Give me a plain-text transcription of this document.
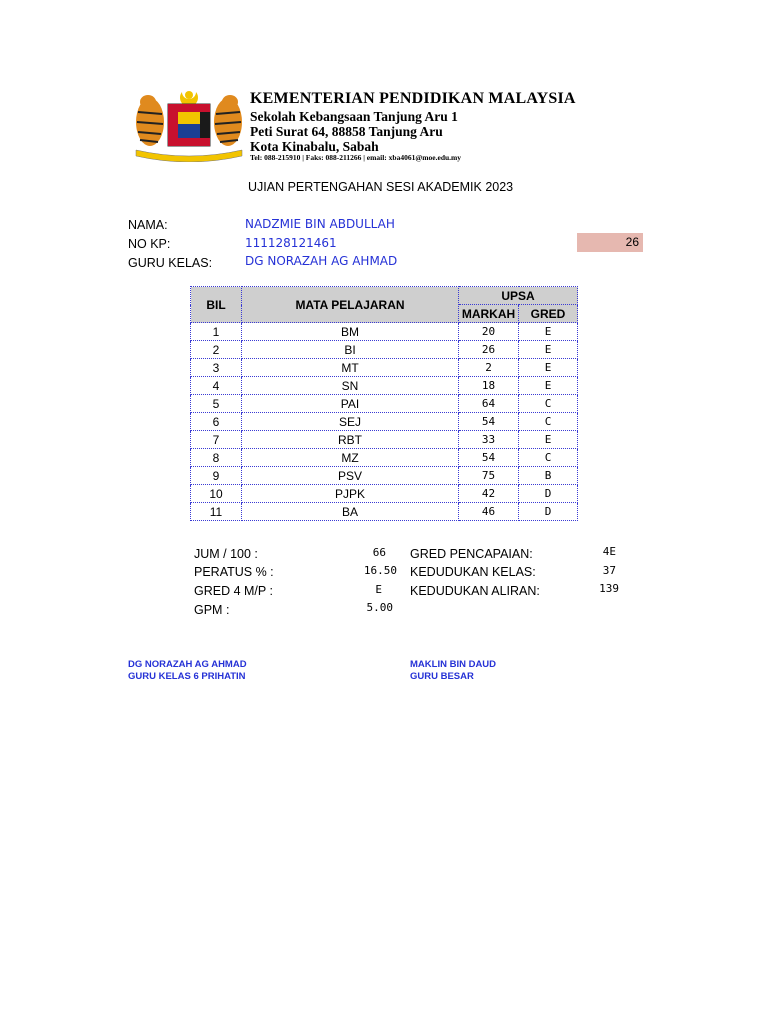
KEMENTERIAN PENDIDIKAN MALAYSIA
Sekolah Kebangsaan Tanjung Aru 1
Peti Surat 64, 88858 Tanjung Aru
Kota Kinabalu, Sabah
Tel: 088-215910 | Faks: 088-211266 | email: xba4061@moe.edu.my
UJIAN PERTENGAHAN SESI AKADEMIK 2023
NAMA:	NADZMIE BIN ABDULLAH
NO KP:	111128121461
GURU KELAS:	DG NORAZAH AG AHMAD
26
BIL	MATA PELAJARAN	UPSA	
		MARKAH	GRED
1	BM	20	E
2	BI	26	E
3	MT	2	E
4	SN	18	E
5	PAI	64	C
6	SEJ	54	C
7	RBT	33	E
8	MZ	54	C
9	PSV	75	B
10	PJPK	42	D
11	BA	46	D
JUM / 100 :	66
PERATUS % :	16.50
GRED 4 M/P :	E
GPM :	5.00
GRED PENCAPAIAN:	4E
KEDUDUKAN KELAS:	37
KEDUDUKAN ALIRAN:	139
DG NORAZAH AG AHMAD
GURU KELAS 6 PRIHATIN
MAKLIN BIN DAUD
GURU BESAR
